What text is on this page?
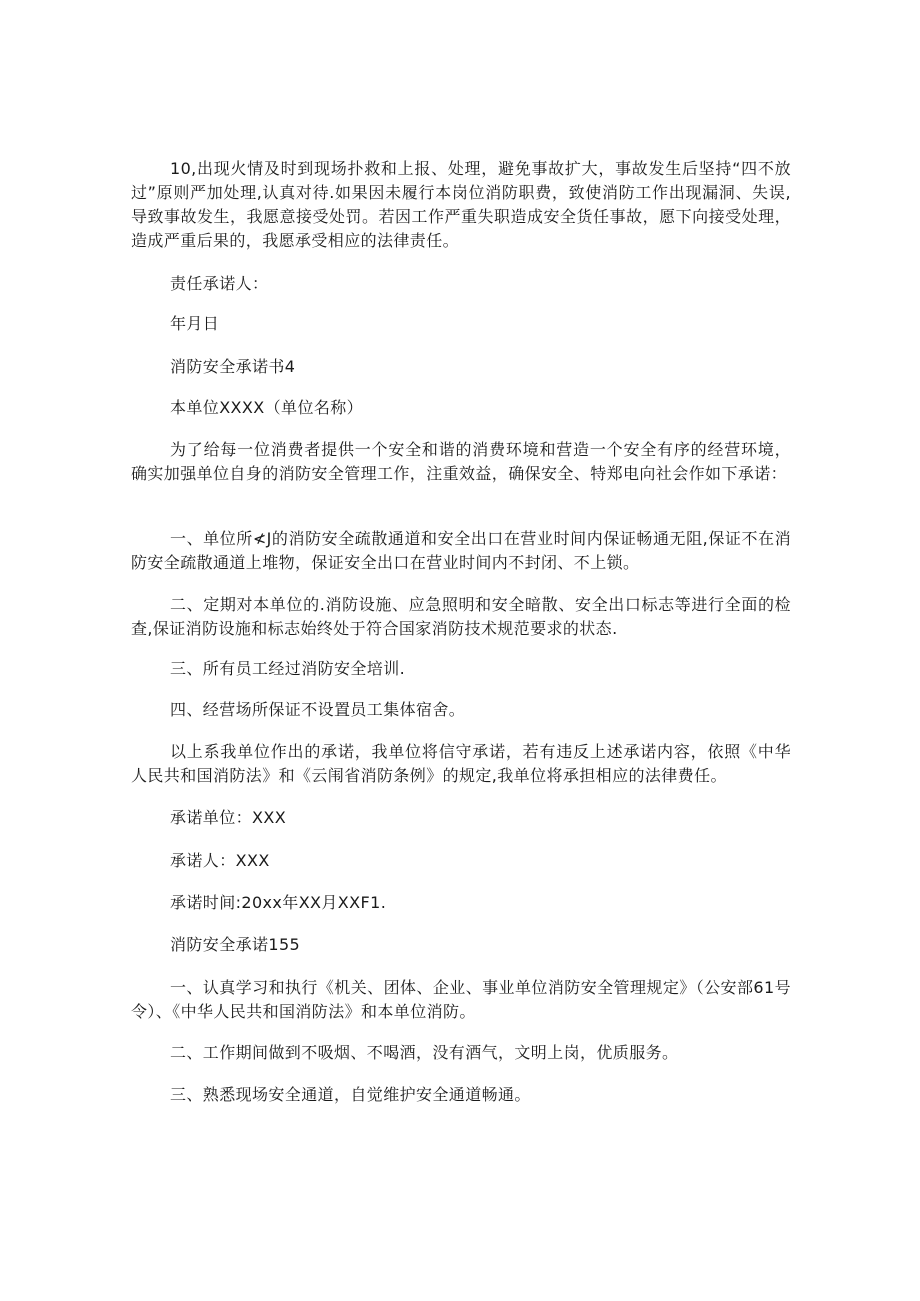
10,出现火情及时到现场扑救和上报、处理，避免事故扩大，事故发生后坚持“四不放过”原则严加处理,认真对待.如果因未履行本岗位消防职费，致使消防工作出现漏洞、失误,导致事故发生，我愿意接受处罚。若因工作严重失职造成安全货任事故，愿下向接受处理，造成严重后果的，我愿承受相应的法律责任。

责任承诺人：

年月日

消防安全承诺书4

本单位XXXX（单位名称）

为了给每一位消费者提供一个安全和谐的消费环境和营造一个安全有序的经营环境，确实加强单位自身的消防安全管理工作，注重效益，确保安全、特郑电向社会作如下承诺：

一、单位所≮J的消防安全疏散通道和安全出口在营业时间内保证畅通无阻,保证不在消防安全疏散通道上堆物，保证安全出口在营业时间内不封闭、不上锁。

二、定期对本单位的.消防设施、应急照明和安全暗散、安全出口标志等进行全面的检查,保证消防设施和标志始终处于符合国家消防技术规范要求的状态.

三、所有员工经过消防安全培训.

四、经营场所保证不设置员工集体宿舍。

以上系我单位作出的承诺，我单位将信守承诺，若有违反上述承诺内容，依照《中华人民共和国消防法》和《云闱省消防条例》的规定,我单位将承担相应的法律费任。

承诺单位：XXX

承诺人：XXX

承诺时间:20xx年XX月XXF1.

消防安全承诺155

一、认真学习和执行《机关、团体、企业、事业单位消防安全管理规定》（公安部61号令）、《中华人民共和国消防法》和本单位消防。

二、工作期间做到不吸烟、不喝酒，没有酒气，文明上岗，优质服务。

三、熟悉现场安全通道，自觉维护安全通道畅通。
